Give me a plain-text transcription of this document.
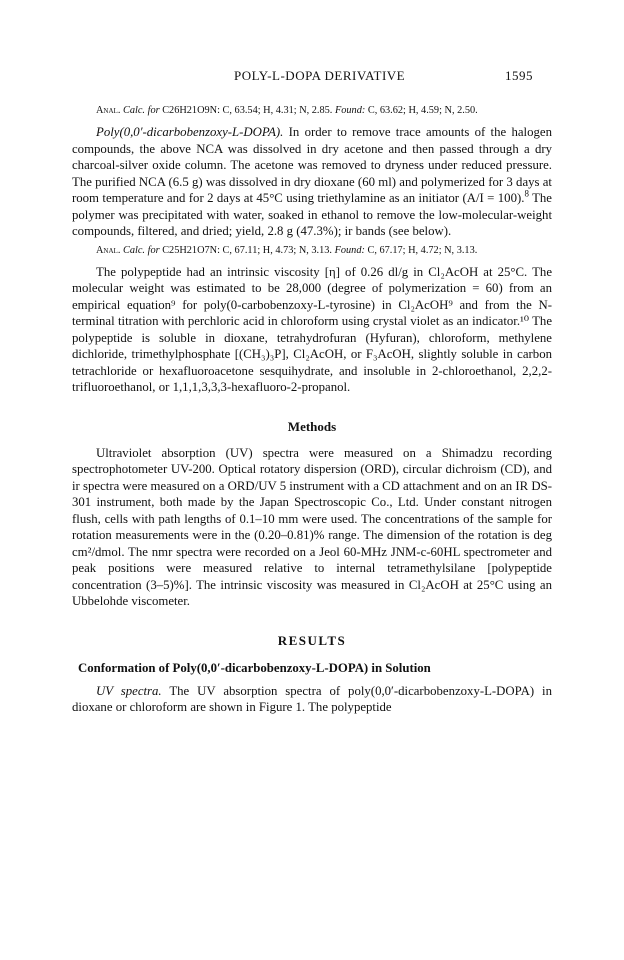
POLY-L-DOPA DERIVATIVE	1595

Anal. Calc. for C26H21O9N: C, 63.54; H, 4.31; N, 2.85. Found: C, 63.62; H, 4.59; N, 2.50.

Poly(0,0′-dicarbobenzoxy-L-DOPA). In order to remove trace amounts of the halogen compounds, the above NCA was dissolved in dry acetone and then passed through a dry charcoal-silver oxide column. The acetone was removed to dryness under reduced pressure. The purified NCA (6.5 g) was dissolved in dry dioxane (60 ml) and polymerized for 3 days at room temperature and for 2 days at 45°C using triethylamine as an initiator (A/I = 100).$^8$ The polymer was precipitated with water, soaked in ethanol to remove the low-molecular-weight compounds, filtered, and dried; yield, 2.8 g (47.3%); ir bands (see below).

Anal. Calc. for C25H21O7N: C, 67.11; H, 4.73; N, 3.13. Found: C, 67.17; H, 4.72; N, 3.13.

The polypeptide had an intrinsic viscosity [η] of 0.26 dl/g in Cl₂AcOH at 25°C. The molecular weight was estimated to be 28,000 (degree of polymerization = 60) from an empirical equation⁹ for poly(0-carbobenzoxy-L-tyrosine) in Cl₂AcOH⁹ and from the N-terminal titration with perchloric acid in chloroform using crystal violet as an indicator.¹⁰ The polypeptide is soluble in dioxane, tetrahydrofuran (Hyfuran), chloroform, methylene dichloride, trimethylphosphate [(CH₃)₃P], Cl₂AcOH, or F₃AcOH, slightly soluble in carbon tetrachloride or hexafluoroacetone sesquihydrate, and insoluble in 2-chloroethanol, 2,2,2-trifluoroethanol, or 1,1,1,3,3,3-hexafluoro-2-propanol.

Methods

Ultraviolet absorption (UV) spectra were measured on a Shimadzu recording spectrophotometer UV-200. Optical rotatory dispersion (ORD), circular dichroism (CD), and ir spectra were measured on a ORD/UV 5 instrument with a CD attachment and on an IR DS-301 instrument, both made by the Japan Spectroscopic Co., Ltd. Under constant nitrogen flush, cells with path lengths of 0.1–10 mm were used. The concentrations of the sample for rotation measurements were in the (0.20–0.81)% range. The dimension of the rotation is deg cm²/dmol. The nmr spectra were recorded on a Jeol 60-MHz JNM-c-60HL spectrometer and peak positions were measured relative to internal tetramethylsilane [polypeptide concentration (3–5)%]. The intrinsic viscosity was measured in Cl₂AcOH at 25°C using an Ubbelohde viscometer.

RESULTS
Conformation of Poly(0,0′-dicarbobenzoxy-L-DOPA) in Solution

UV spectra. The UV absorption spectra of poly(0,0′-dicarbobenzoxy-L-DOPA) in dioxane or chloroform are shown in Figure 1. The polypeptide
